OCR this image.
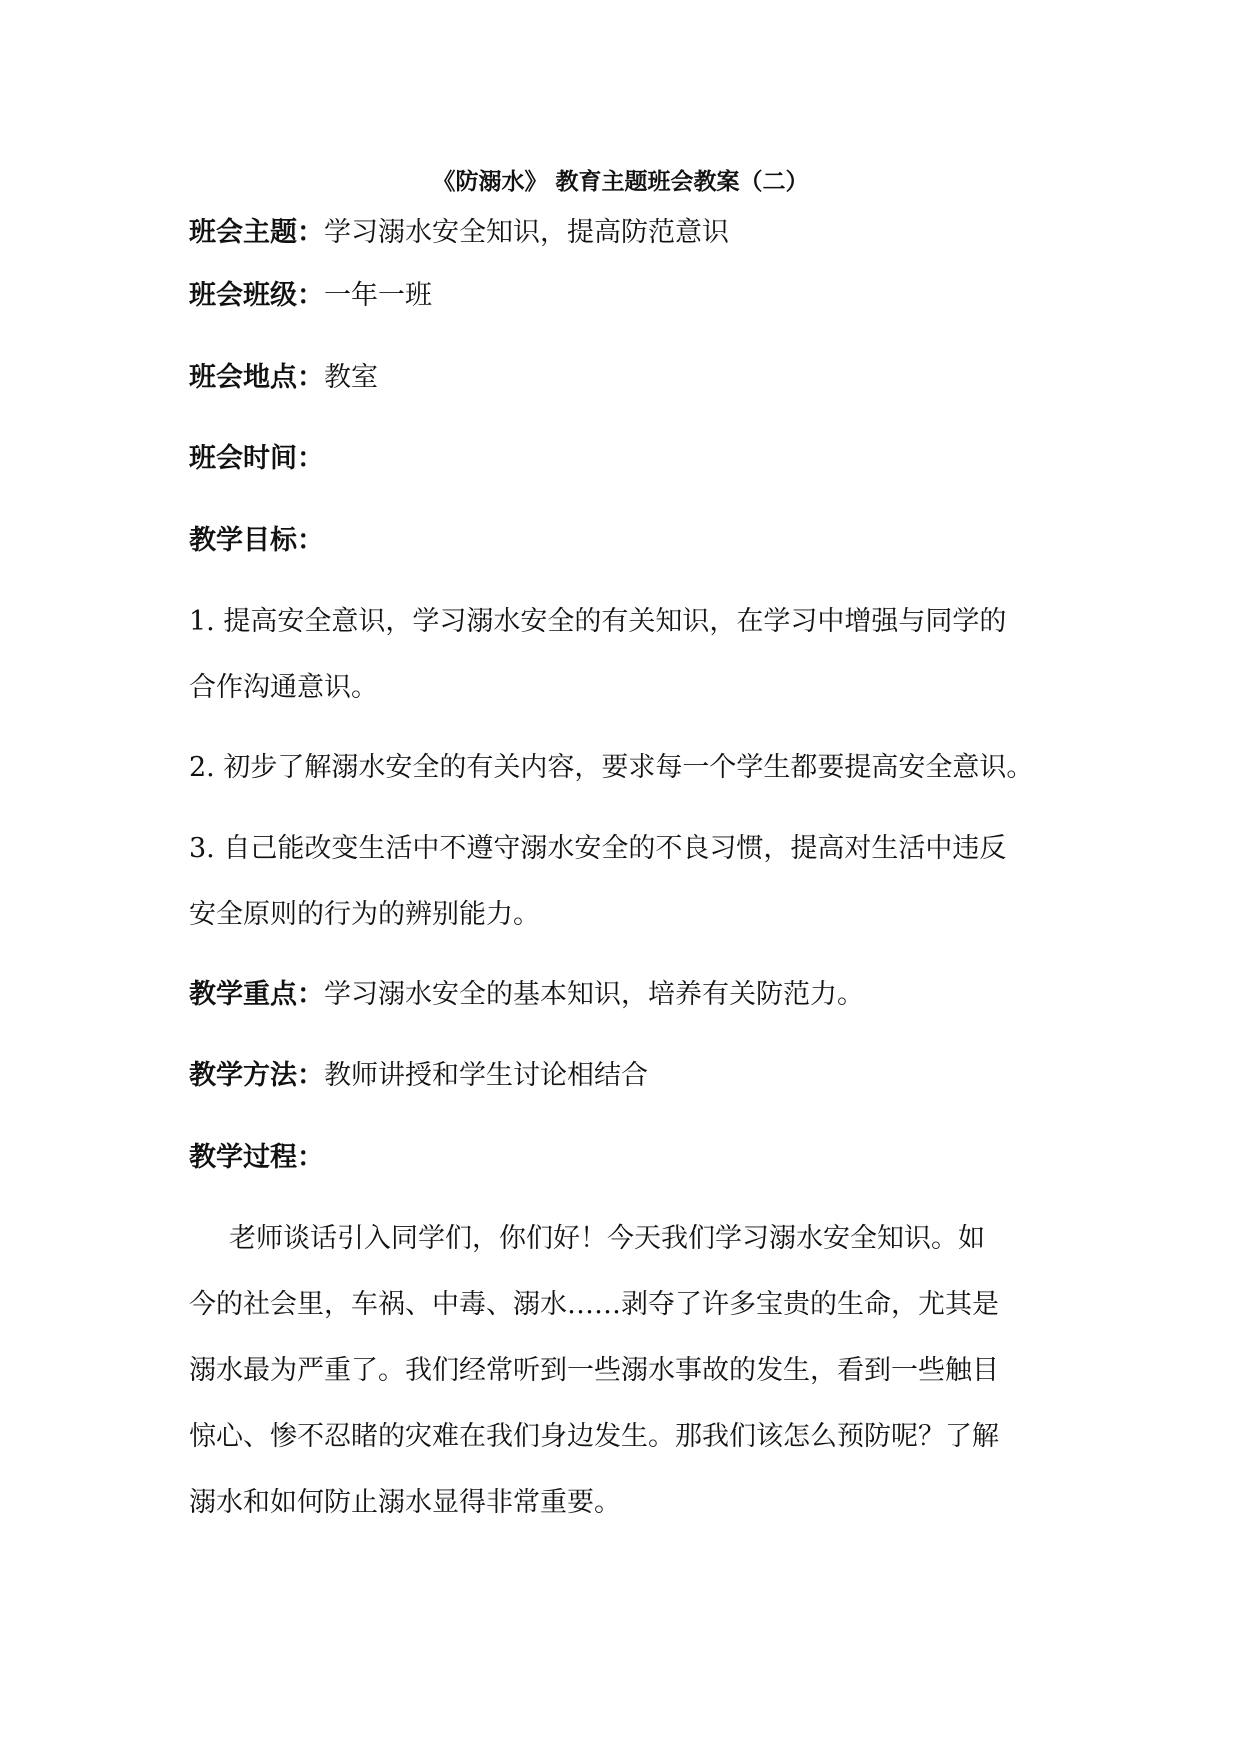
《防溺水》 教育主题班会教案（二）
班会主题：学习溺水安全知识，提高防范意识
班会班级：一年一班
班会地点：教室
班会时间：
教学目标：
1. 提高安全意识，学习溺水安全的有关知识，在学习中增强与同学的
合作沟通意识。
2. 初步了解溺水安全的有关内容，要求每一个学生都要提高安全意识。
3. 自己能改变生活中不遵守溺水安全的不良习惯，提高对生活中违反
安全原则的行为的辨别能力。
教学重点：学习溺水安全的基本知识，培养有关防范力。
教学方法：教师讲授和学生讨论相结合
教学过程：
老师谈话引入同学们，你们好！今天我们学习溺水安全知识。如
今的社会里，车祸、中毒、溺水……剥夺了许多宝贵的生命，尤其是
溺水最为严重了。我们经常听到一些溺水事故的发生，看到一些触目
惊心、惨不忍睹的灾难在我们身边发生。那我们该怎么预防呢？了解
溺水和如何防止溺水显得非常重要。
